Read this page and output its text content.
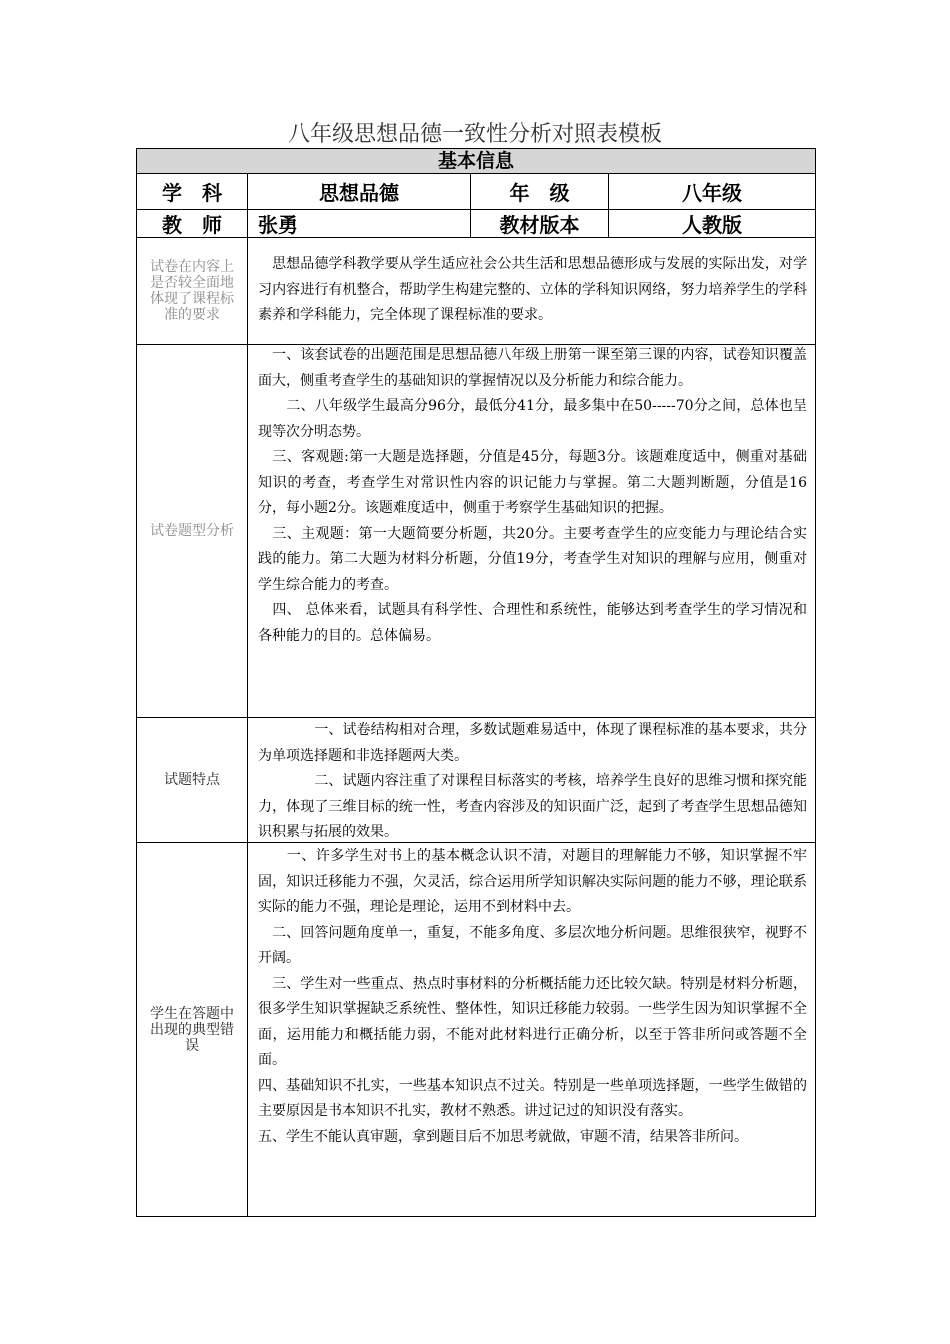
八年级思想品德一致性分析对照表模板
基本信息
学　科	思想品德	年　级	八年级
教　师	张勇	教材版本	人教版
试卷在内容上是否较全面地体现了课程标准的要求

　思想品德学科教学要从学生适应社会公共生活和思想品德形成与发展的实际出发，对学习内容进行有机整合，帮助学生构建完整的、立体的学科知识网络，努力培养学生的学科素养和学科能力，完全体现了课程标准的要求。

试卷题型分析

　一、该套试卷的出题范围是思想品德八年级上册第一课至第三课的内容，试卷知识覆盖面大，侧重考查学生的基础知识的掌握情况以及分析能力和综合能力。

　　二、八年级学生最高分96分，最低分41分，最多集中在50-----70分之间，总体也呈现等次分明态势。

　三、客观题:第一大题是选择题，分值是45分，每题3分。该题难度适中，侧重对基础知识的考查，考查学生对常识性内容的识记能力与掌握。第二大题判断题，分值是16分，每小题2分。该题难度适中，侧重于考察学生基础知识的把握。

　三、主观题：第一大题简要分析题，共20分。主要考查学生的应变能力与理论结合实践的能力。第二大题为材料分析题，分值19分，考查学生对知识的理解与应用，侧重对学生综合能力的考查。

　四、 总体来看，试题具有科学性、合理性和系统性，能够达到考查学生的学习情况和各种能力的目的。总体偏易。

试题特点

　　　　一、试卷结构相对合理，多数试题难易适中，体现了课程标准的基本要求，共分为单项选择题和非选择题两大类。

　　　　二、试题内容注重了对课程目标落实的考核，培养学生良好的思维习惯和探究能力，体现了三维目标的统一性，考查内容涉及的知识面广泛，起到了考查学生思想品德知识积累与拓展的效果。

学生在答题中出现的典型错误

　　一、许多学生对书上的基本概念认识不清，对题目的理解能力不够，知识掌握不牢固，知识迁移能力不强，欠灵活，综合运用所学知识解决实际问题的能力不够，理论联系实际的能力不强，理论是理论，运用不到材料中去。

　二、回答问题角度单一，重复，不能多角度、多层次地分析问题。思维很狭窄，视野不开阔。

　三、学生对一些重点、热点时事材料的分析概括能力还比较欠缺。特别是材料分析题，很多学生知识掌握缺乏系统性、整体性，知识迁移能力较弱。一些学生因为知识掌握不全面，运用能力和概括能力弱，不能对此材料进行正确分析，以至于答非所问或答题不全面。

四、基础知识不扎实，一些基本知识点不过关。特别是一些单项选择题，一些学生做错的主要原因是书本知识不扎实，教材不熟悉。讲过记过的知识没有落实。

五、学生不能认真审题，拿到题目后不加思考就做，审题不清，结果答非所问。
